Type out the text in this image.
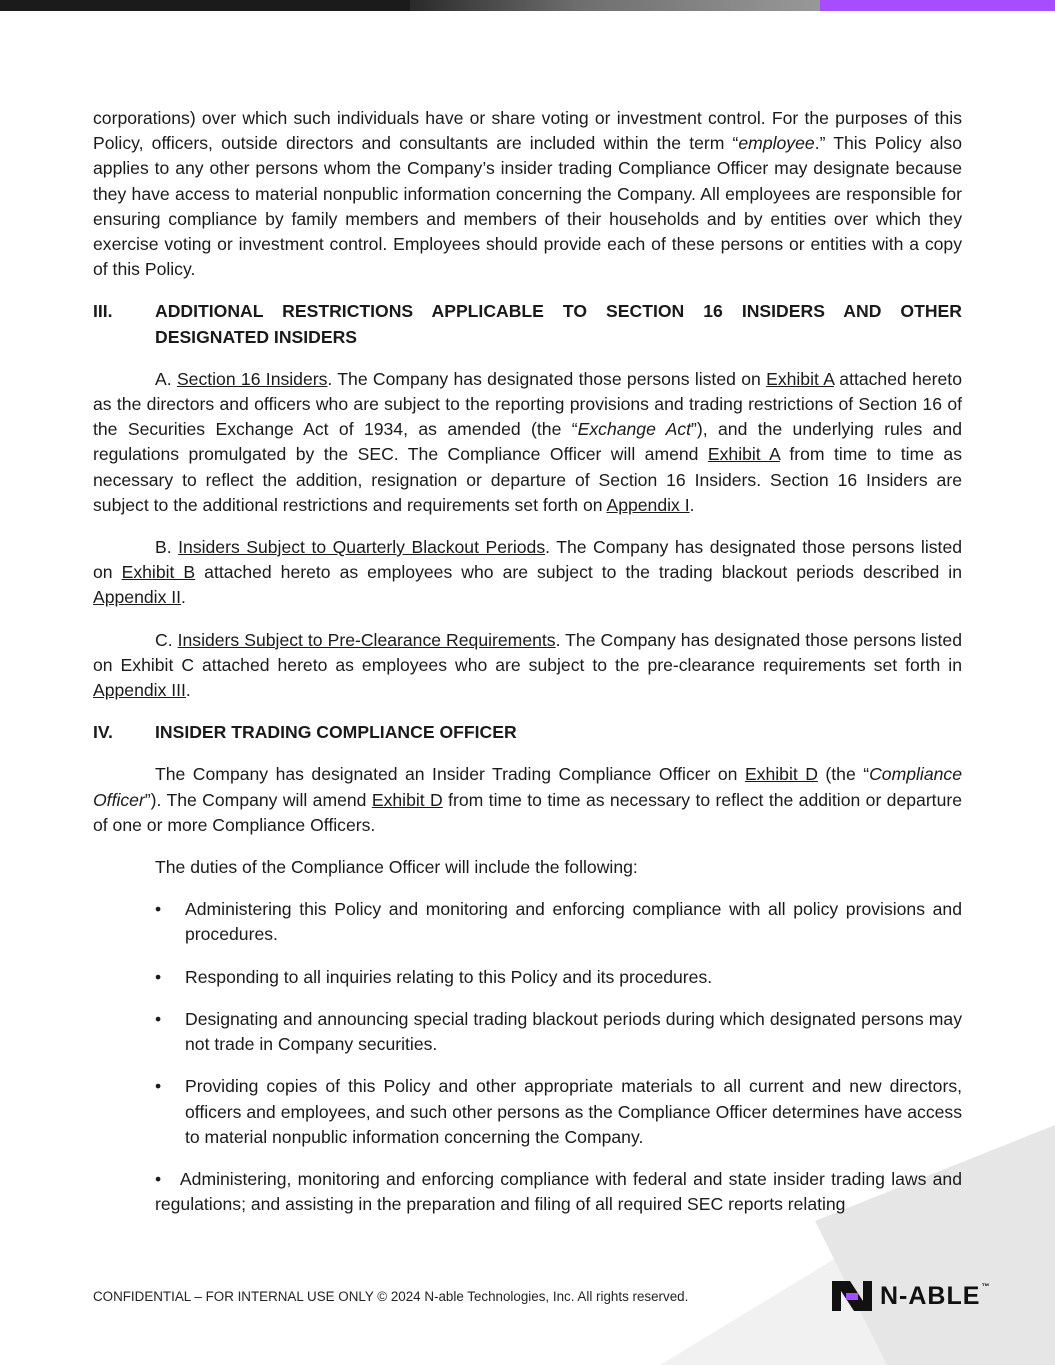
corporations) over which such individuals have or share voting or investment control. For the purposes of this Policy, officers, outside directors and consultants are included within the term “employee.” This Policy also applies to any other persons whom the Company’s insider trading Compliance Officer may designate because they have access to material nonpublic information concerning the Company. All employees are responsible for ensuring compliance by family members and members of their households and by entities over which they exercise voting or investment control. Employees should provide each of these persons or entities with a copy of this Policy.

III.	ADDITIONAL RESTRICTIONS APPLICABLE TO SECTION 16 INSIDERS AND OTHER DESIGNATED INSIDERS

A. Section 16 Insiders. The Company has designated those persons listed on Exhibit A attached hereto as the directors and officers who are subject to the reporting provisions and trading restrictions of Section 16 of the Securities Exchange Act of 1934, as amended (the “Exchange Act”), and the underlying rules and regulations promulgated by the SEC. The Compliance Officer will amend Exhibit A from time to time as necessary to reflect the addition, resignation or departure of Section 16 Insiders. Section 16 Insiders are subject to the additional restrictions and requirements set forth on Appendix I.

B. Insiders Subject to Quarterly Blackout Periods. The Company has designated those persons listed on Exhibit B attached hereto as employees who are subject to the trading blackout periods described in Appendix II.

C. Insiders Subject to Pre-Clearance Requirements. The Company has designated those persons listed on Exhibit C attached hereto as employees who are subject to the pre-clearance requirements set forth in Appendix III.

IV.	INSIDER TRADING COMPLIANCE OFFICER

The Company has designated an Insider Trading Compliance Officer on Exhibit D (the “Compliance Officer”). The Company will amend Exhibit D from time to time as necessary to reflect the addition or departure of one or more Compliance Officers.

The duties of the Compliance Officer will include the following:

•	Administering this Policy and monitoring and enforcing compliance with all policy provisions and procedures.
•	Responding to all inquiries relating to this Policy and its procedures.
•	Designating and announcing special trading blackout periods during which designated persons may not trade in Company securities.
•	Providing copies of this Policy and other appropriate materials to all current and new directors, officers and employees, and such other persons as the Compliance Officer determines have access to material nonpublic information concerning the Company.

• Administering, monitoring and enforcing compliance with federal and state insider trading laws and regulations; and assisting in the preparation and filing of all required SEC reports relating

CONFIDENTIAL – FOR INTERNAL USE ONLY © 2024 N-able Technologies, Inc. All rights reserved.	N-ABLE™
